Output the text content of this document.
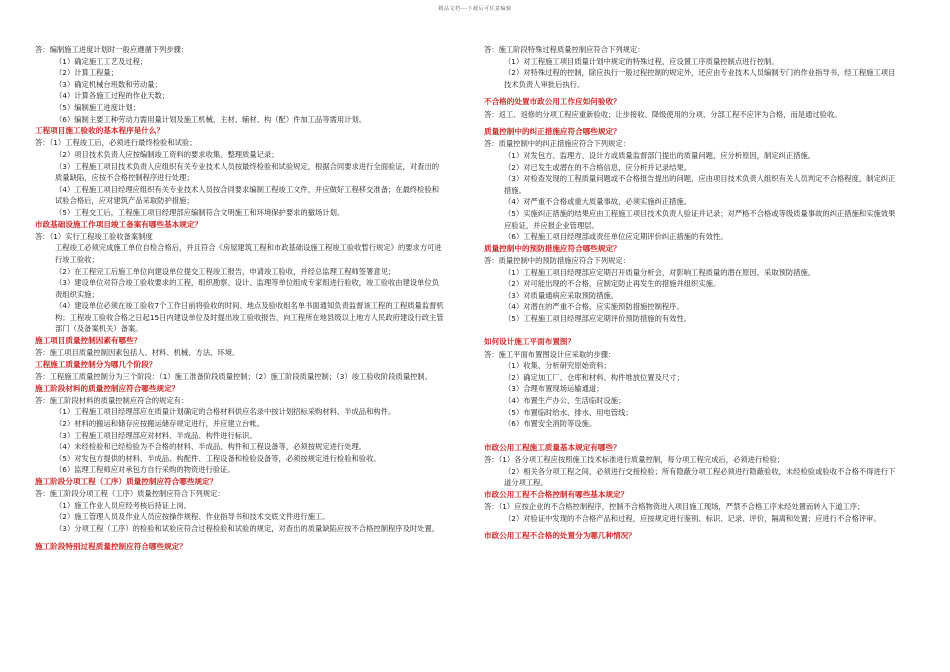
精品文档---下载后可任意编辑

答：编制施工进度计划时一般应遵循下列步骤：

（1）确定施工工艺及过程；

（2）计算工程量；

（3）确定机械台班数和劳动量；

（4）计算各施工过程的作业天数；

（5）编制施工进度计划；

（6）编制主要工种劳动力需用量计划及施工机械、主材、辅材、构（配）件加工品等需用计划。

工程项目施工验收的基本程序是什么？

答：（1）工程竣工后，必须进行最终检验和试验；

（2）项目技术负责人应按编制竣工资料的要求收集、整理质量记录；

（3）工程施工项目技术负责人应组织有关专业技术人员按最终检验和试验规定，根据合同要求进行全面验证，对查出的质量缺陷，应按不合格控制程序进行处理；

（4）工程施工项目经理应组织有关专业技术人员按合同要求编制工程竣工文件，并应做好工程移交准备；在最终检验和试验合格后，应对建筑产品采取防护措施；

（5）工程交工后，工程施工项目经理部应编制符合文明施工和环境保护要求的撤场计划。

市政基础设施工作项目竣工备案有哪些基本规定？

答：（1）实行工程竣工验收备案制度

工程竣工必须完成施工单位自检合格后，并且符合《房屋建筑工程和市政基础设施工程竣工验收暂行规定》的要求方可进行竣工验收；

（2）在工程完工后施工单位向建设单位提交工程竣工报告，申请竣工验收，并经总监理工程师签署意见；

（3）建设单位对符合竣工验收要求的工程，组织勘察、设计、监理等单位组成专家组进行验收，竣工验收由建设单位负责组织实施；

（4）建设单位必须在竣工验收7个工作日前将验收的时间、地点及验收组名单书面通知负责监督该工程的工程质量监督机构；工程竣工验收合格之日起15日内建设单位及时提出竣工验收报告，向工程所在地县级以上地方人民政府建设行政主管部门（及备案机关）备案。

施工项目质量控制因素有哪些？

答：施工项目质量控制因素包括人、材料、机械、方法、环境。

工程施工质量控制分为哪几个阶段？

答：工程施工质量控制分为三个阶段：（1）施工准备阶段质量控制；（2）施工阶段质量控制；（3）竣工验收阶段质量控制。

施工阶段材料的质量控制应符合哪些规定？

答：施工阶段材料的质量控制应符合的规定有：

（1）工程施工项目经理部应在质量计划确定的合格材料供应名录中按计划招标采购材料、半成品和构件。

（2）材料的搬运和储存应按搬运储存规定进行，并应建立台帐。

（3）工程施工项目经理部应对材料、半成品、构件进行标识。

（4）未经检验和已经检验为不合格的材料、半成品、构件和工程设备等，必须按规定进行处理。

（5）对发包方提供的材料、半成品、构配件、工程设备和检验设备等，必须按规定进行检验和验收。

（6）监理工程师应对承包方自行采购的物资进行验证。

施工阶段分项工程（工序）质量控制应符合哪些规定？

答：施工阶段分项工程（工序）质量控制应符合下列规定：

（1）施工作业人员应经考核后持证上岗。

（2）施工管理人员及作业人员应按操作规程、作业指导书和技术交底文件进行施工。

（3）分项工程（工序）的检验和试验应符合过程检验和试验的规定，对查出的质量缺陷应按不合格控制程序及时处置。

施工阶段特别过程质量控制应符合哪些规定？

答：施工阶段特殊过程质量控制应符合下列规定：

（1）对工程施工项目质量计划中规定的特殊过程，应设置工序质量控制点进行控制。

（2）对特殊过程的控制，除应执行一般过程控制的规定外，还应由专业技术人员编制专门的作业指导书，经工程施工项目技术负责人审批后执行。

不合格的处置市政公用工作应如何验收？

答：返工、返修的分项工程应重新验收；让步接收、降级使用的分项、分部工程不应评为合格，而是通过验收。

质量控制中的纠正措施应符合哪些规定？

答：质量控制中的纠正措施应符合下列规定：

（1）对发包方、监理方、设计方或质量监督部门提出的质量问题，应分析原因，制定纠正措施。

（2）对已发生或潜在的不合格信息，应分析并记录结果。

（3）对检查发现的工程质量问题或不合格报告提出的问题，应由项目技术负责人组织有关人员判定不合格程度，制定纠正措施。

（4）对严重不合格或重大质量事故，必须实施纠正措施。

（5）实施纠正措施的结果应由工程施工项目技术负责人验证并记录；对严格不合格或等级质量事故的纠正措施和实施效果应验证，并应报企业管理层。

（6）工程施工项目经理部或责任单位应定期评价纠正措施的有效性。

质量控制中的预防措施应符合哪些规定？

答：质量控制中的预防措施应符合下列规定：

（1）工程施工项目经理部应定期召开质量分析会，对影响工程质量的潜在原因，采取预防措施。

（2）对可能出现的不合格，应制定防止再发生的措施并组织实施。

（3）对质量通病应采取预防措施。

（4）对潜在的严重不合格，应实施预防措施控制程序。

（5）工程施工项目经理部应定期评价预防措施的有效性。

如何设计施工平面布置图？

答：施工平面布置图设计应采取的步骤：

（1）收集、分析研究原始资料；

（2）确定加工厂、仓库和材料、构件堆放位置及尺寸；

（3）合理布置现场运输通道；

（4）布置生产办公、生活临时设施；

（5）布置临时给水、排水、用电管线；

（6）布置安全消防等设施。

市政公用工程施工质量基本规定有哪些？

答：（1）各分项工程应按照施工技术标准进行质量控制，每分项工程完成后，必须进行检验；

（2）相关各分项工程之间，必须进行交接检验；所有隐蔽分项工程必须进行隐蔽验收，未经检验或验收不合格不得进行下道分项工程。

市政公用工程不合格控制有哪些基本规定？

答：（1）应按企业的不合格控制程序，控制不合格物资进入项目施工现场，严禁不合格工序未经处置而转入下道工序；

（2）对验证中发现的不合格产品和过程，应按规定进行鉴别、标识、记录、评价，隔离和处置；应进行不合格评审。

市政公用工程不合格的处置分为哪几种情况？
